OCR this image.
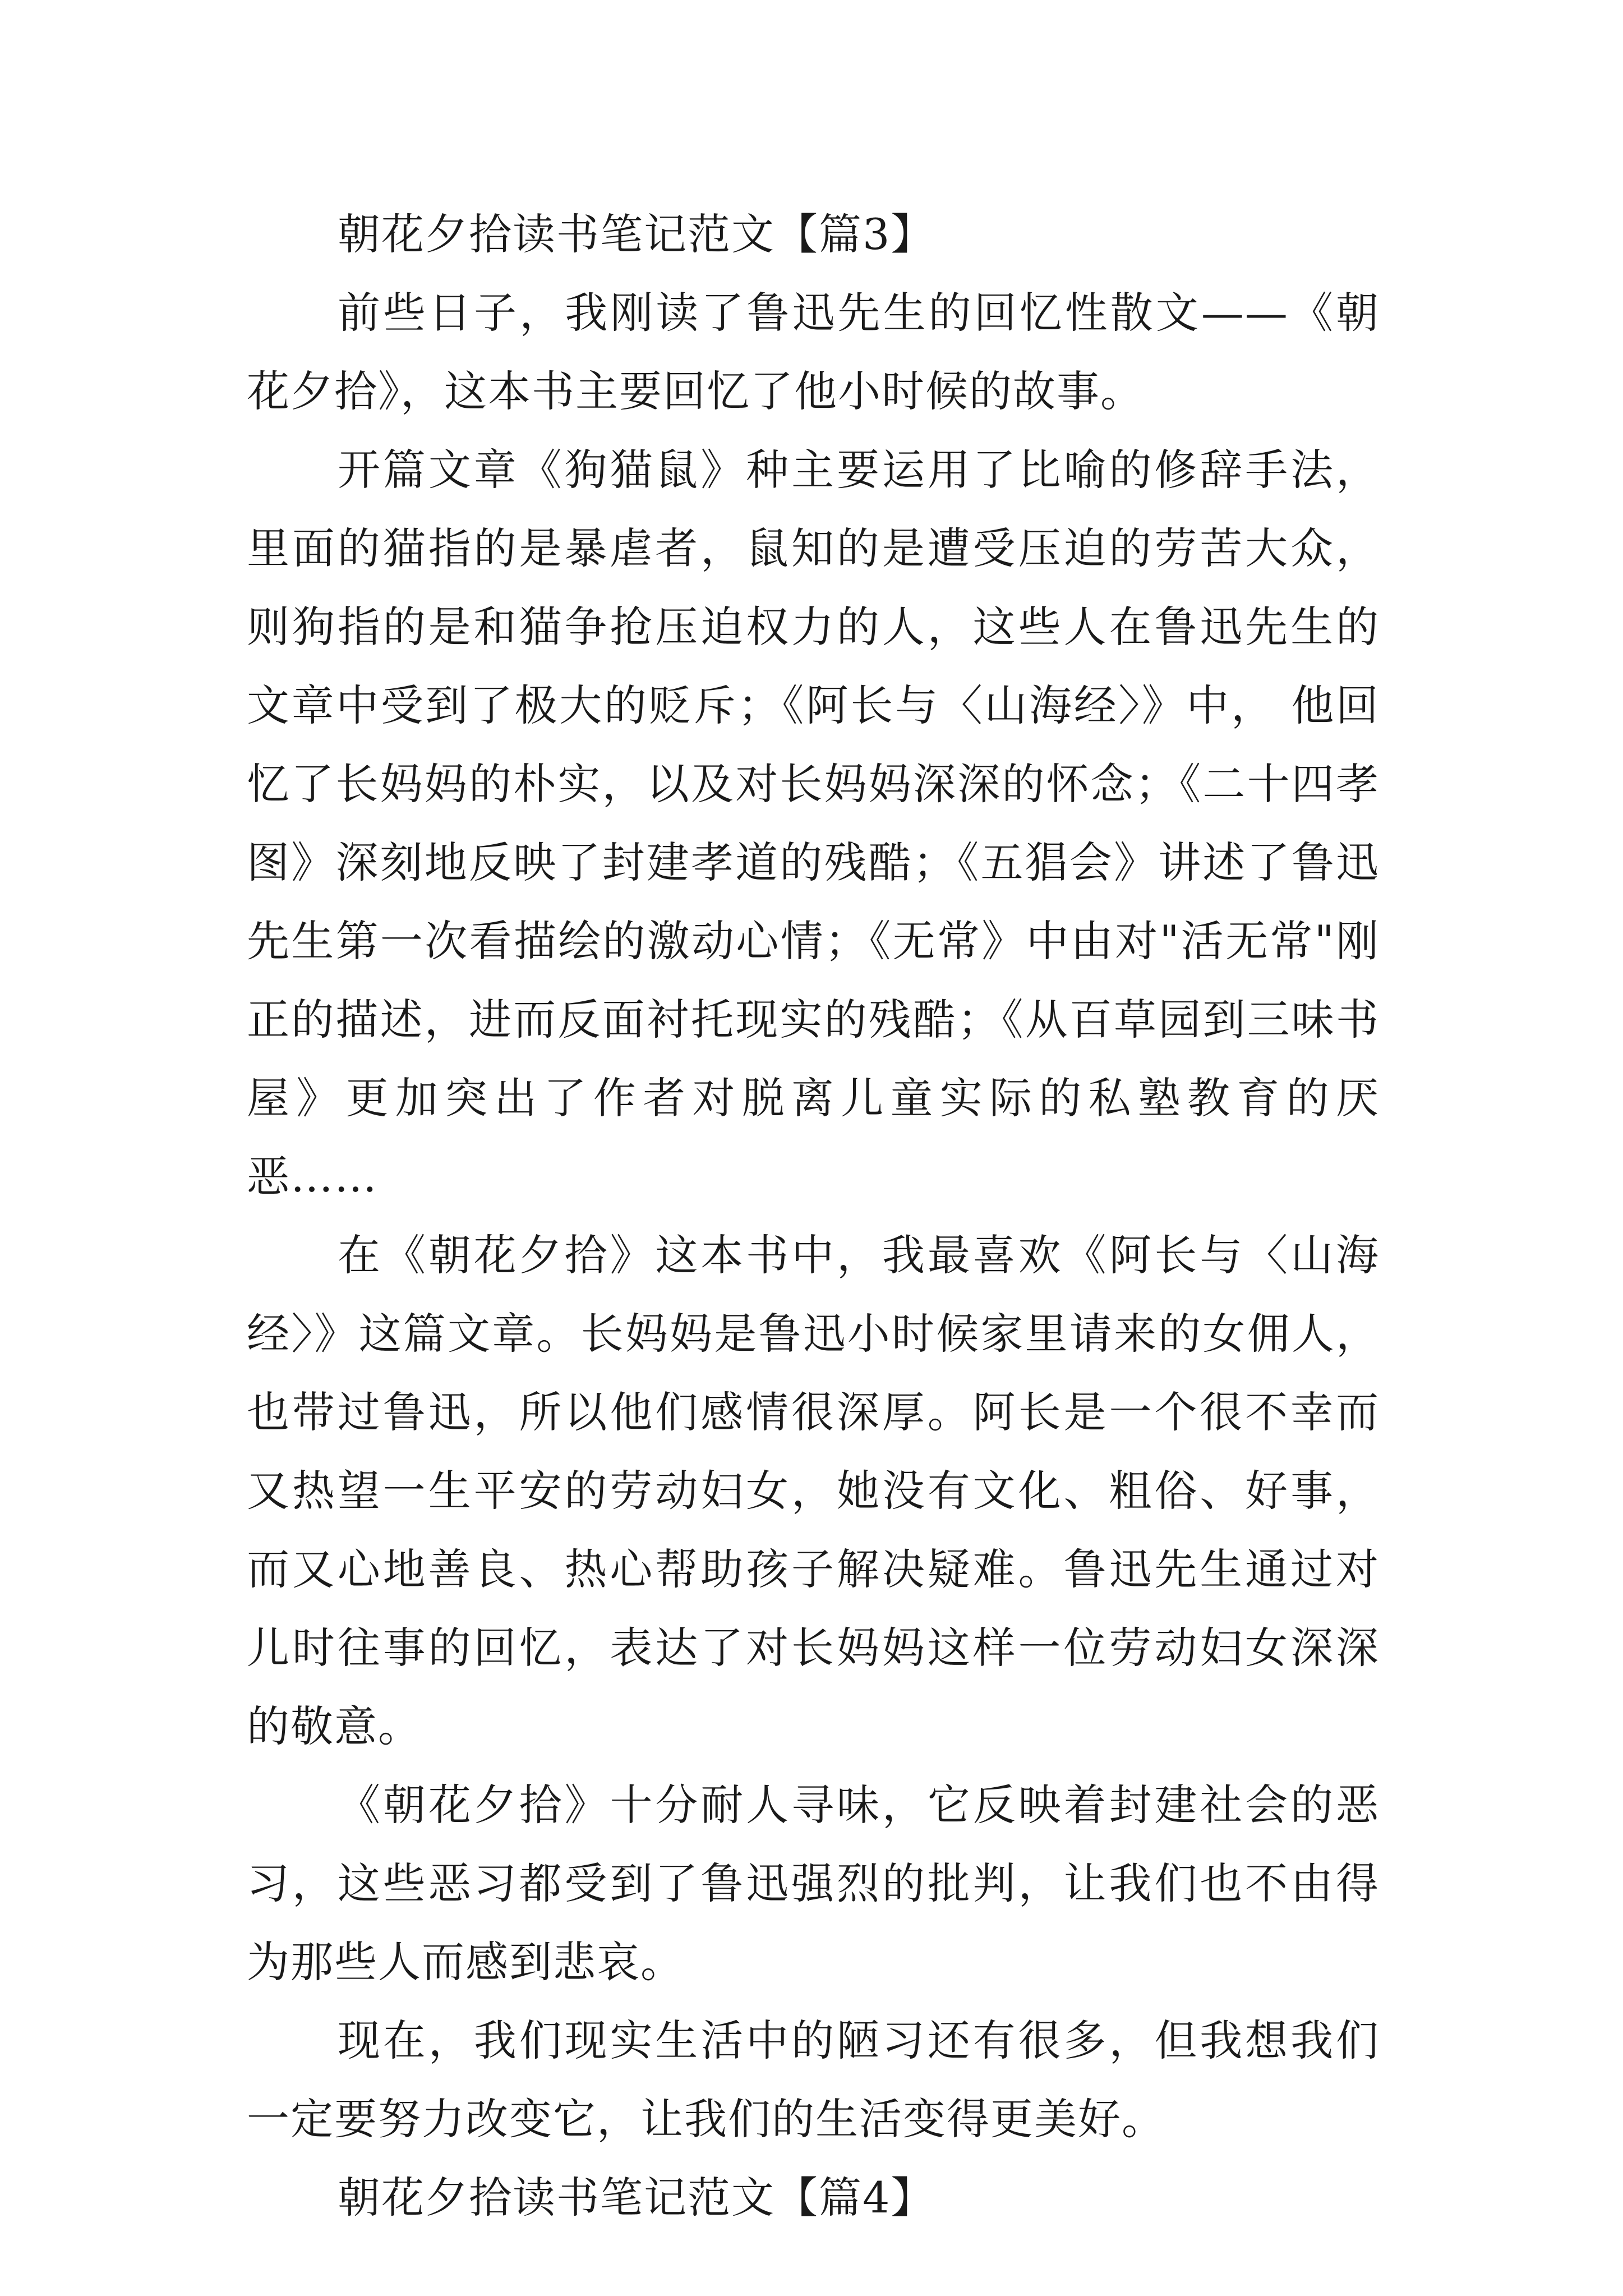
朝花夕拾读书笔记范文【篇3】

前些日子，我刚读了鲁迅先生的回忆性散文——《朝花夕拾》，这本书主要回忆了他小时候的故事。

开篇文章《狗猫鼠》种主要运用了比喻的修辞手法，里面的猫指的是暴虐者，鼠知的是遭受压迫的劳苦大众，则狗指的是和猫争抢压迫权力的人，这些人在鲁迅先生的文章中受到了极大的贬斥；《阿长与〈山海经〉》中， 他回忆了长妈妈的朴实，以及对长妈妈深深的怀念；《二十四孝图》深刻地反映了封建孝道的残酷；《五猖会》讲述了鲁迅先生第一次看描绘的激动心情；《无常》中由对"活无常"刚正的描述，进而反面衬托现实的残酷；《从百草园到三味书屋》更加突出了作者对脱离儿童实际的私塾教育的厌恶……

在《朝花夕拾》这本书中，我最喜欢《阿长与〈山海经〉》这篇文章。长妈妈是鲁迅小时候家里请来的女佣人，也带过鲁迅，所以他们感情很深厚。阿长是一个很不幸而又热望一生平安的劳动妇女，她没有文化、粗俗、好事，而又心地善良、热心帮助孩子解决疑难。鲁迅先生通过对儿时往事的回忆，表达了对长妈妈这样一位劳动妇女深深的敬意。

《朝花夕拾》十分耐人寻味，它反映着封建社会的恶习，这些恶习都受到了鲁迅强烈的批判，让我们也不由得为那些人而感到悲哀。

现在，我们现实生活中的陋习还有很多，但我想我们一定要努力改变它，让我们的生活变得更美好。

朝花夕拾读书笔记范文【篇4】
